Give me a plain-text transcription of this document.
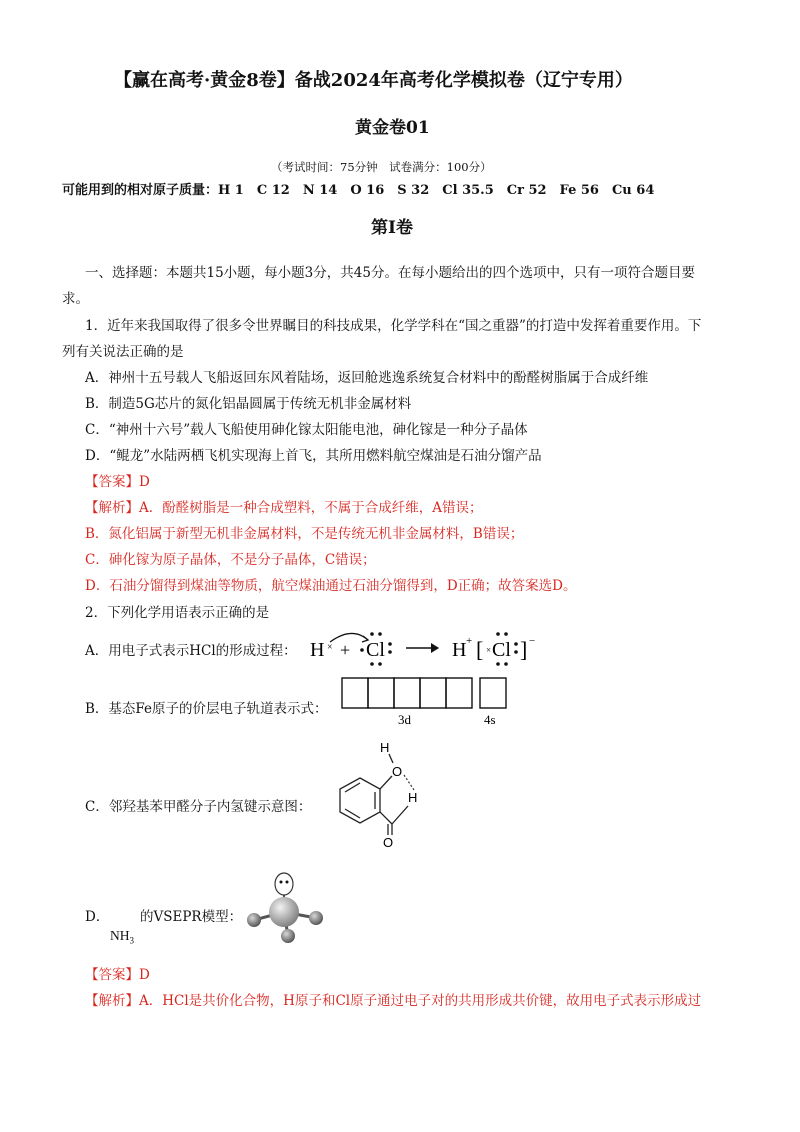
【赢在高考·黄金8卷】备战2024年高考化学模拟卷（辽宁专用）
黄金卷01
（考试时间：75分钟　试卷满分：100分）
可能用到的相对原子质量：H 1　C 12　N 14　O 16　S 32　Cl 35.5　Cr 52　Fe 56　Cu 64
第Ⅰ卷
一、选择题：本题共15小题，每小题3分，共45分。在每小题给出的四个选项中，只有一项符合题目要
求。
1．近年来我国取得了很多令世界瞩目的科技成果，化学学科在“国之重器”的打造中发挥着重要作用。下
列有关说法正确的是
A．神州十五号载人飞船返回东风着陆场，返回舱逃逸系统复合材料中的酚醛树脂属于合成纤维
B．制造5G芯片的氮化铝晶圆属于传统无机非金属材料
C．“神州十六号”载人飞船使用砷化镓太阳能电池，砷化镓是一种分子晶体
D．“鲲龙”水陆两栖飞机实现海上首飞，其所用燃料航空煤油是石油分馏产品
【答案】D
【解析】A．酚醛树脂是一种合成塑料，不属于合成纤维，A错误；
B．氮化铝属于新型无机非金属材料，不是传统无机非金属材料，B错误；
C．砷化镓为原子晶体，不是分子晶体，C错误；
D．石油分馏得到煤油等物质，航空煤油通过石油分馏得到，D正确；故答案选D。
2．下列化学用语表示正确的是
A．用电子式表示HCl的形成过程： H × + Cl	H + [ × Cl ] −
B．基态Fe原子的价层电子轨道表示式：
3d	4s
C．邻羟基苯甲醛分子内氢键示意图：
O
H
H
O
D．
$NH_3$
的VSEPR模型：
【答案】D
【解析】A．HCl是共价化合物，H原子和Cl原子通过电子对的共用形成共价键，故用电子式表示形成过
